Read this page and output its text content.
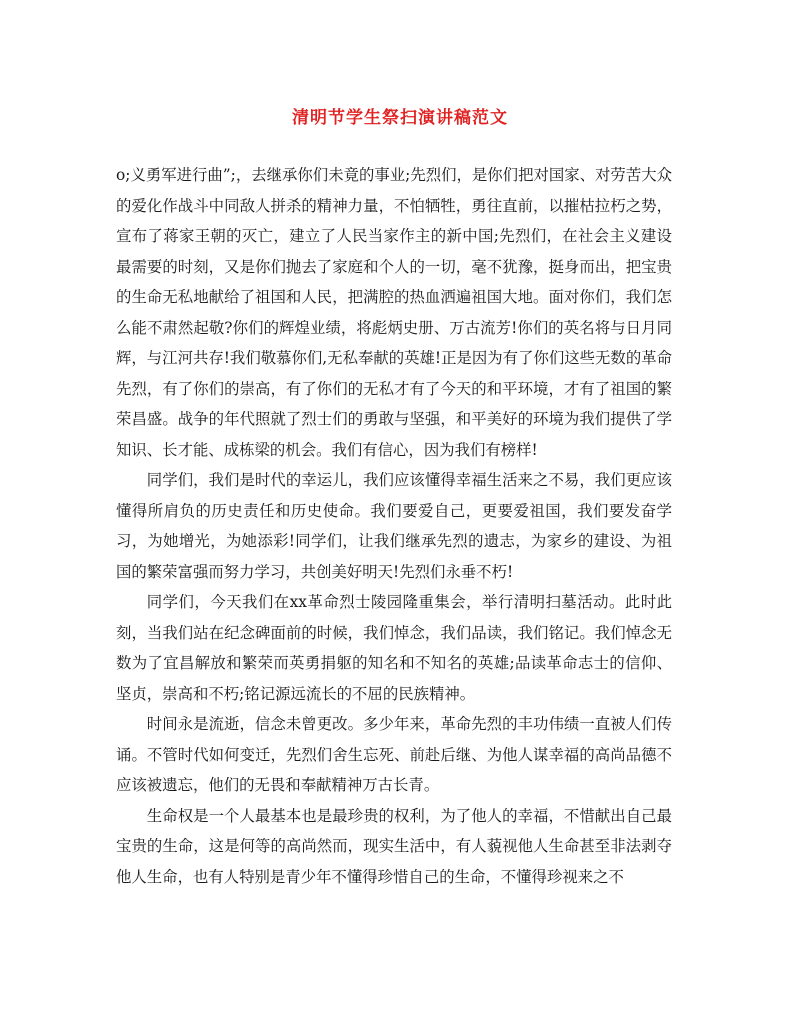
清明节学生祭扫演讲稿范文

o;义勇军进行曲”;，去继承你们未竟的事业;先烈们，是你们把对国家、对劳苦大众的爱化作战斗中同敌人拼杀的精神力量，不怕牺牲，勇往直前，以摧枯拉朽之势，宣布了蒋家王朝的灭亡，建立了人民当家作主的新中国;先烈们，在社会主义建设最需要的时刻，又是你们抛去了家庭和个人的一切，毫不犹豫，挺身而出，把宝贵的生命无私地献给了祖国和人民，把满腔的热血洒遍祖国大地。面对你们，我们怎么能不肃然起敬?你们的辉煌业绩，将彪炳史册、万古流芳!你们的英名将与日月同辉，与江河共存!我们敬慕你们,无私奉献的英雄!正是因为有了你们这些无数的革命先烈，有了你们的崇高，有了你们的无私才有了今天的和平环境，才有了祖国的繁荣昌盛。战争的年代照就了烈士们的勇敢与坚强，和平美好的环境为我们提供了学知识、长才能、成栋梁的机会。我们有信心，因为我们有榜样!

同学们，我们是时代的幸运儿，我们应该懂得幸福生活来之不易，我们更应该懂得所肩负的历史责任和历史使命。我们要爱自己，更要爱祖国，我们要发奋学习，为她增光，为她添彩!同学们，让我们继承先烈的遗志，为家乡的建设、为祖国的繁荣富强而努力学习，共创美好明天!先烈们永垂不朽!

同学们，今天我们在xx革命烈士陵园隆重集会，举行清明扫墓活动。此时此刻，当我们站在纪念碑面前的时候，我们悼念，我们品读，我们铭记。我们悼念无数为了宜昌解放和繁荣而英勇捐躯的知名和不知名的英雄;品读革命志士的信仰、坚贞，崇高和不朽;铭记源远流长的不屈的民族精神。

时间永是流逝，信念未曾更改。多少年来，革命先烈的丰功伟绩一直被人们传诵。不管时代如何变迁，先烈们舍生忘死、前赴后继、为他人谋幸福的高尚品德不应该被遗忘，他们的无畏和奉献精神万古长青。

生命权是一个人最基本也是最珍贵的权利，为了他人的幸福，不惜献出自己最宝贵的生命，这是何等的高尚然而，现实生活中，有人藐视他人生命甚至非法剥夺他人生命，也有人特别是青少年不懂得珍惜自己的生命，不懂得珍视来之不
